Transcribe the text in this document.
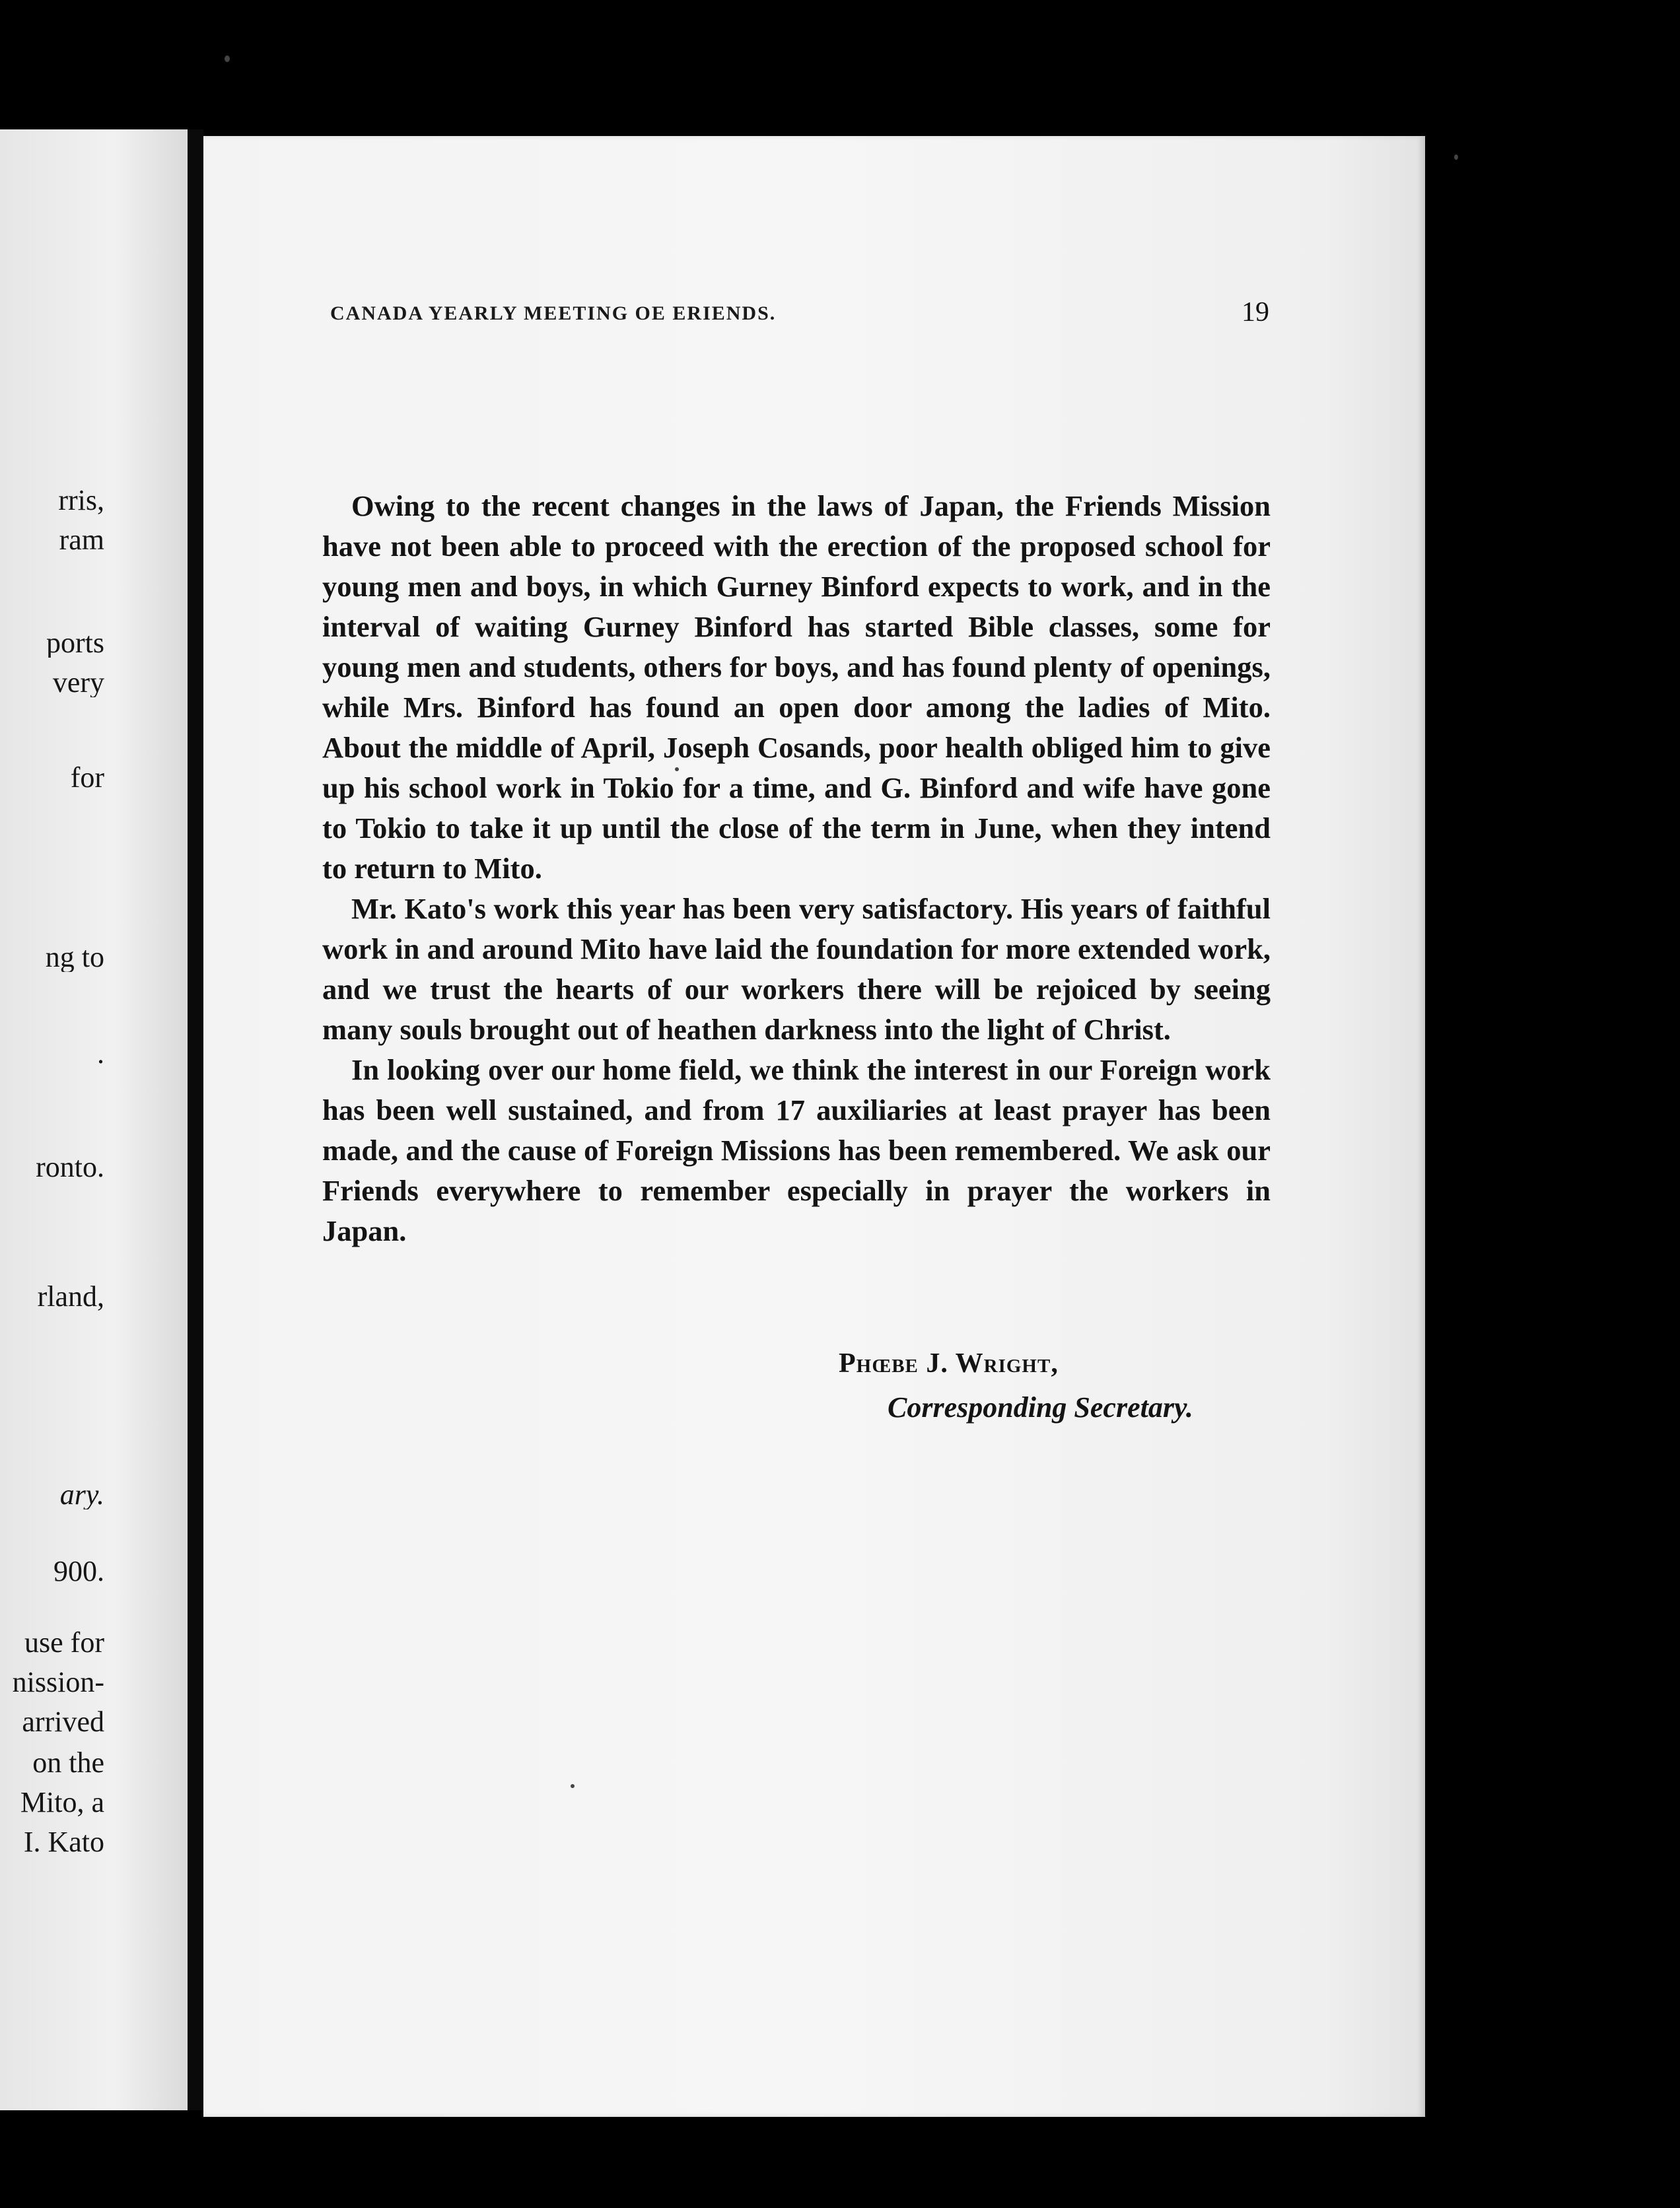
rris,
ram
ports
very
for
ng to
.
ronto.
rland,
ary.
900.
use for
nission-
arrived
on the
Mito, a
I. Kato
CANADA YEARLY MEETING OE ERIENDS.	19

Owing to the recent changes in the laws of Japan, the Friends Mission have not been able to proceed with the erection of the proposed school for young men and boys, in which Gurney Binford expects to work, and in the interval of waiting Gurney Binford has started Bible classes, some for young men and students, others for boys, and has found plenty of openings, while Mrs. Binford has found an open door among the ladies of Mito. About the middle of April, Joseph Cosands, poor health obliged him to give up his school work in Tokio for a time, and G. Binford and wife have gone to Tokio to take it up until the close of the term in June, when they intend to return to Mito.

Mr. Kato's work this year has been very satisfactory. His years of faithful work in and around Mito have laid the foundation for more extended work, and we trust the hearts of our workers there will be rejoiced by seeing many souls brought out of heathen darkness into the light of Christ.

In looking over our home field, we think the interest in our Foreign work has been well sustained, and from 17 auxiliaries at least prayer has been made, and the cause of Foreign Missions has been remembered. We ask our Friends everywhere to remember especially in prayer the workers in Japan.

Phœbe J. Wright,
Corresponding Secretary.
